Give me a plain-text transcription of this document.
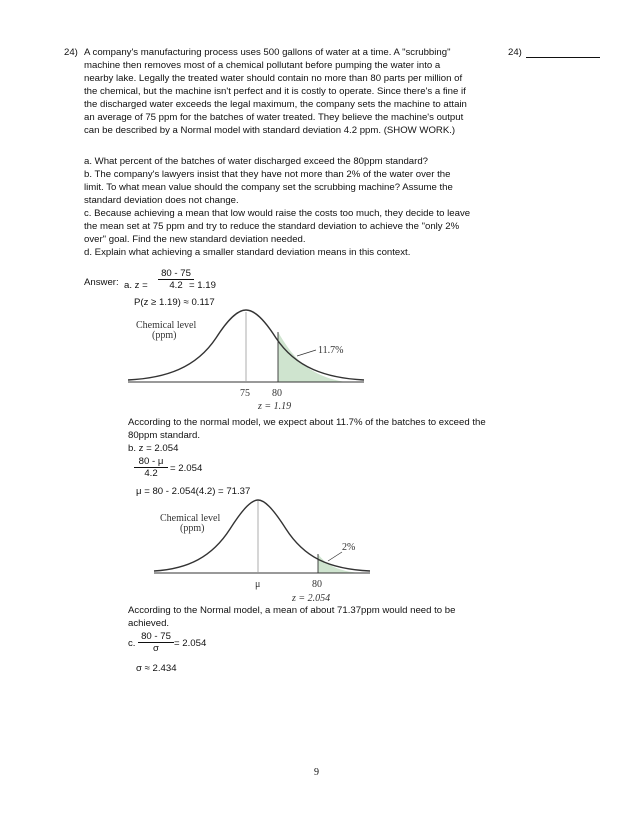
24)	24)
A company's manufacturing process uses 500 gallons of water at a time. A "scrubbing"
machine then removes most of a chemical pollutant before pumping the water into a
nearby lake. Legally the treated water should contain no more than 80 parts per million of
the chemical, but the machine isn't perfect and it is costly to operate. Since there's a fine if
the discharged water exceeds the legal maximum, the company sets the machine to attain
an average of 75 ppm for the batches of water treated. They believe the machine's output
can be described by a Normal model with standard deviation 4.2 ppm. (SHOW WORK.)
a. What percent of the batches of water discharged exceed the 80ppm standard?
b. The company's lawyers insist that they have not more than 2% of the water over the
limit. To what mean value should the company set the scrubbing machine? Assume the
standard deviation does not change.
c. Because achieving a mean that low would raise the costs too much, they decide to leave
the mean set at 75 ppm and try to reduce the standard deviation to achieve the "only 2%
over" goal. Find the new standard deviation needed.
d. Explain what achieving a smaller standard deviation means in this context.
Answer: a. $z = \frac{80 - 75}{4.2}$
= 1.19
P(z ≥ 1.19) ≈ 0.117
Chemical level
(ppm)
11.7%
75 80
z = 1.19
According to the normal model, we expect about 11.7% of the batches to exceed the
80ppm standard.
b. z = 2.054
$\frac{80 - \mu}{4.2} = 2.054$
μ = 80 - 2.054(4.2) = 71.37
Chemical level
(ppm)
2%
μ	80
z = 2.054
According to the Normal model, a mean of about 71.37ppm would need to be
achieved.
c. $\frac{80 - 75}{\sigma} = 2.054$
σ ≈ 2.434
9
